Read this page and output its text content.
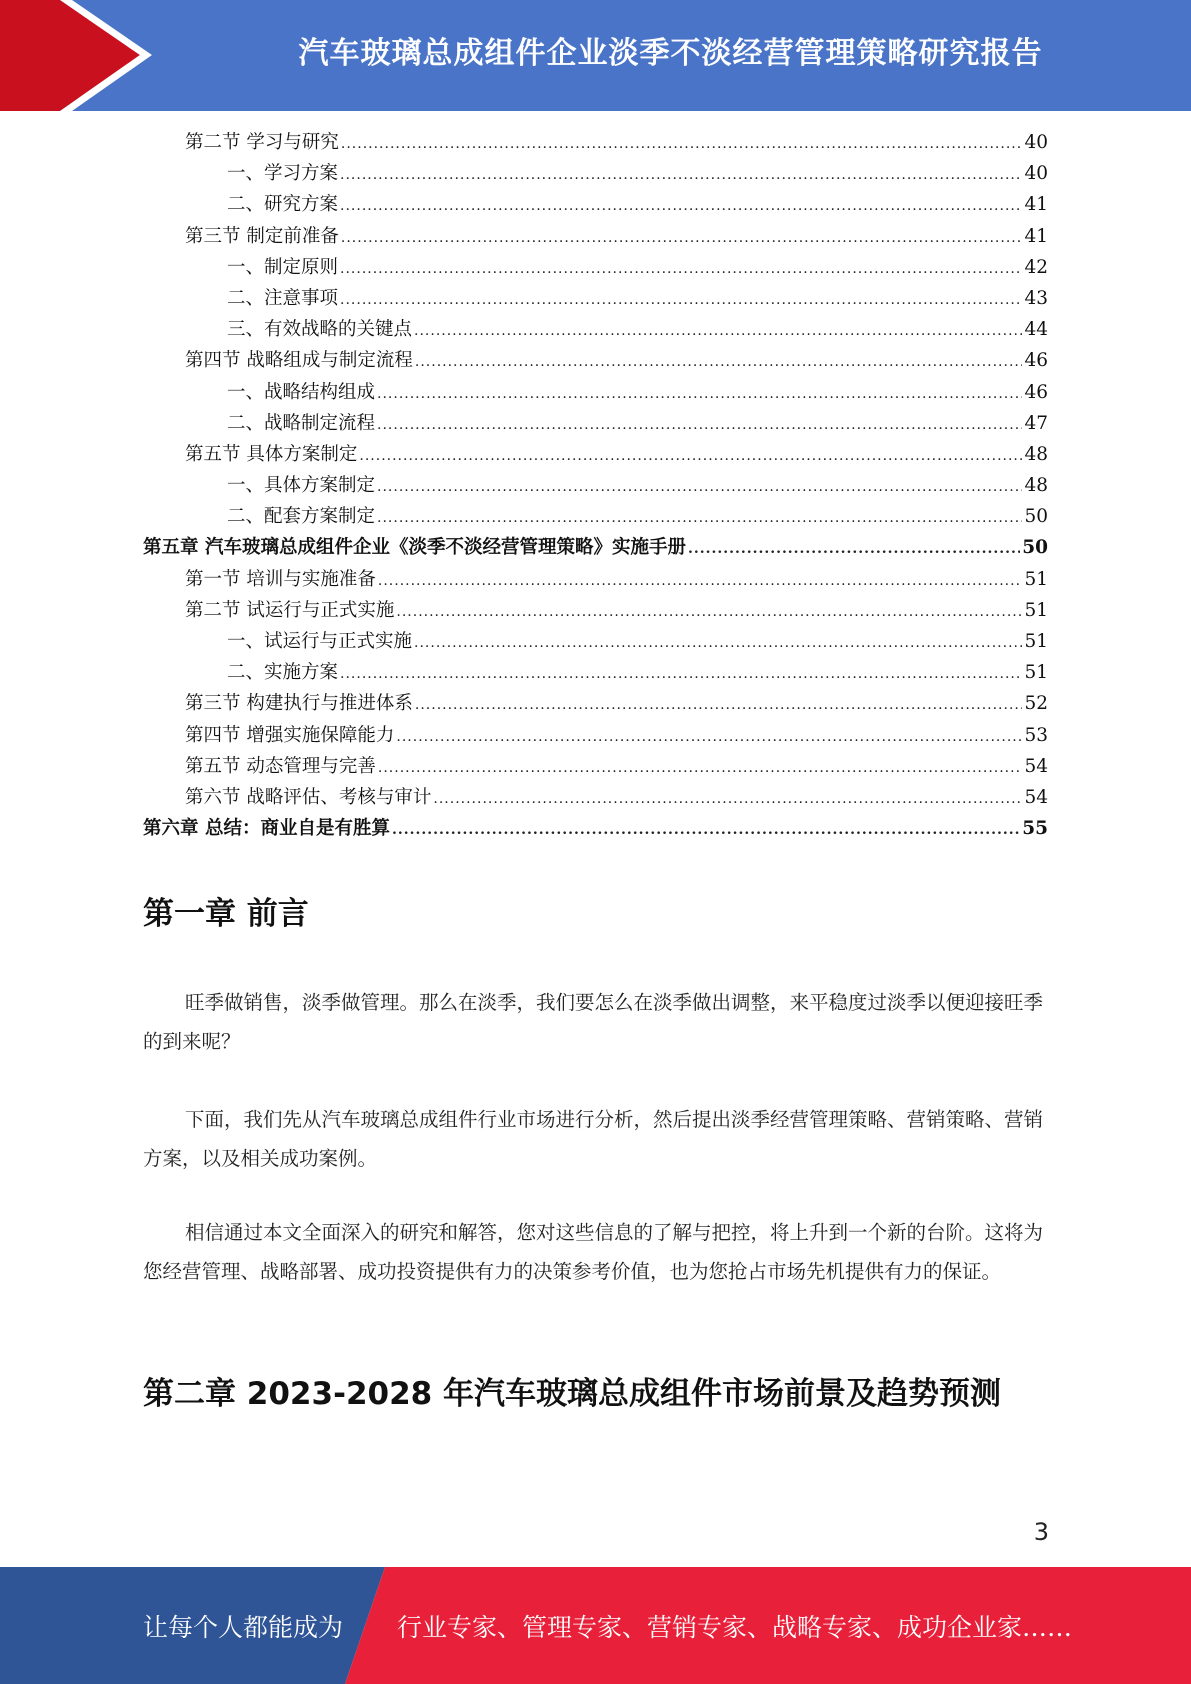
汽车玻璃总成组件企业淡季不淡经营管理策略研究报告
第二节 学习与研究 .....	40
一、学习方案 .....	40
二、研究方案 .....	41
第三节 制定前准备 .....	41
一、制定原则 .....	42
二、注意事项 .....	43
三、有效战略的关键点 .....	44
第四节 战略组成与制定流程 .....	46
一、战略结构组成 .....	46
二、战略制定流程 .....	47
第五节 具体方案制定 .....	48
一、具体方案制定 .....	48
二、配套方案制定 .....	50
第五章 汽车玻璃总成组件企业《淡季不淡经营管理策略》实施手册 .....	50
第一节 培训与实施准备 .....	51
第二节 试运行与正式实施 .....	51
一、试运行与正式实施 .....	51
二、实施方案 .....	51
第三节 构建执行与推进体系 .....	52
第四节 增强实施保障能力 .....	53
第五节 动态管理与完善 .....	54
第六节 战略评估、考核与审计 .....	54
第六章 总结：商业自是有胜算 .....	55
第一章 前言
旺季做销售，淡季做管理。那么在淡季，我们要怎么在淡季做出调整，来平稳度过淡季以便迎接旺季的到来呢？
下面，我们先从汽车玻璃总成组件行业市场进行分析，然后提出淡季经营管理策略、营销策略、营销方案，以及相关成功案例。
相信通过本文全面深入的研究和解答，您对这些信息的了解与把控，将上升到一个新的台阶。这将为您经营管理、战略部署、成功投资提供有力的决策参考价值，也为您抢占市场先机提供有力的保证。
第二章 2023-2028 年汽车玻璃总成组件市场前景及趋势预测
3
让每个人都能成为 行业专家、管理专家、营销专家、战略专家、成功企业家……
